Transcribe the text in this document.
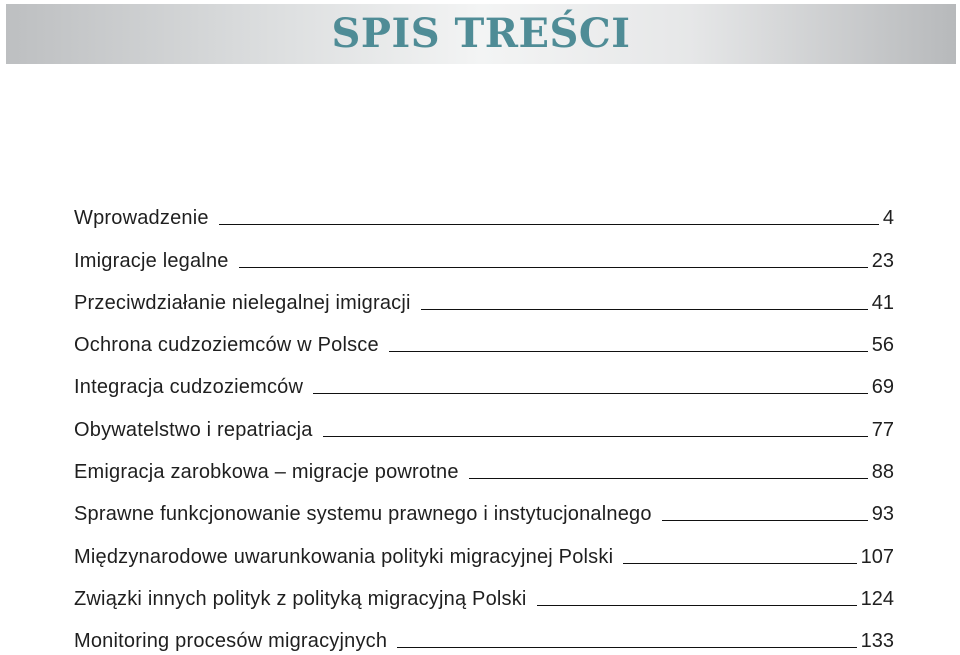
SPIS TREŚCI
Wprowadzenie	4
Imigracje legalne	23
Przeciwdziałanie nielegalnej imigracji	41
Ochrona cudzoziemców w Polsce	56
Integracja cudzoziemców	69
Obywatelstwo i repatriacja	77
Emigracja zarobkowa – migracje powrotne	88
Sprawne funkcjonowanie systemu prawnego i instytucjonalnego	93
Międzynarodowe uwarunkowania polityki migracyjnej Polski	107
Związki innych polityk z polityką migracyjną Polski	124
Monitoring procesów migracyjnych	133
